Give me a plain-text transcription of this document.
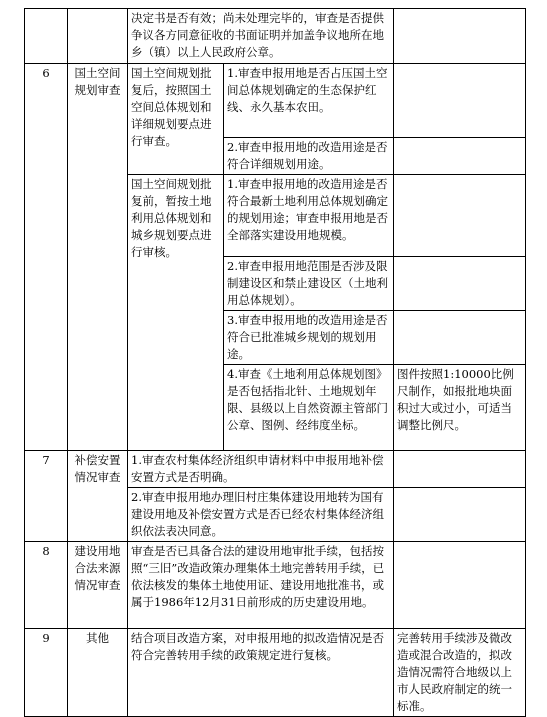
		决定书是否有效；尚未处理完毕的，审查是否提供争议各方同意征收的书面证明并加盖争议地所在地乡（镇）以上人民政府公章。		
6	国土空间规划审查	国土空间规划批复后，按照国土空间总体规划和详细规划要点进行审查。	1.审查申报用地是否占压国土空间总体规划确定的生态保护红线、永久基本农田。	
			2.审查申报用地的改造用途是否符合详细规划用途。	
		国土空间规划批复前，暂按土地利用总体规划和城乡规划要点进行审核。	1.审查申报用地的改造用途是否符合最新土地利用总体规划确定的规划用途；审查申报用地是否全部落实建设用地规模。	
			2.审查申报用地范围是否涉及限制建设区和禁止建设区（土地利用总体规划）。	
			3.审查申报用地的改造用途是否符合已批准城乡规划的规划用途。	
			4.审查《土地利用总体规划图》是否包括指北针、土地规划年限、县级以上自然资源主管部门公章、图例、经纬度坐标。	图件按照1:10000比例尺制作，如报批地块面积过大或过小，可适当调整比例尺。
7	补偿安置情况审查	1.审查农村集体经济组织申请材料中申报用地补偿安置方式是否明确。		
		2.审查申报用地办理旧村庄集体建设用地转为国有建设用地及补偿安置方式是否已经农村集体经济组织依法表决同意。		
8	建设用地合法来源情况审查	审查是否已具备合法的建设用地审批手续，包括按照“三旧”改造政策办理集体土地完善转用手续，已依法核发的集体土地使用证、建设用地批准书，或属于1986年12月31日前形成的历史建设用地。		
9	其他	结合项目改造方案，对申报用地的拟改造情况是否符合完善转用手续的政策规定进行复核。		完善转用手续涉及微改造或混合改造的，拟改造情况需符合地级以上市人民政府制定的统一标准。
